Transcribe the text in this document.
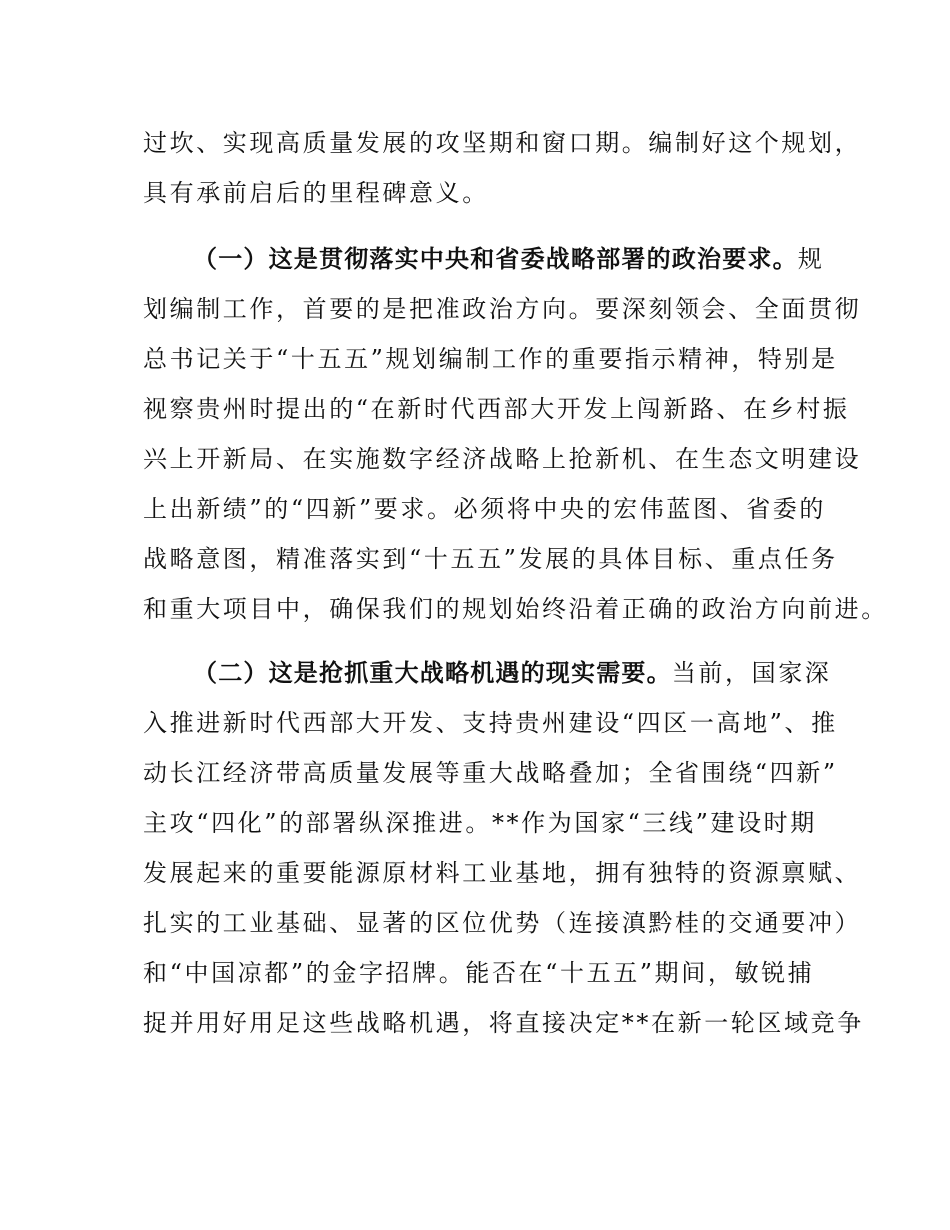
过坎、实现高质量发展的攻坚期和窗口期。编制好这个规划，
具有承前启后的里程碑意义。
（一）这是贯彻落实中央和省委战略部署的政治要求。规
划编制工作，首要的是把准政治方向。要深刻领会、全面贯彻
总书记关于“十五五”规划编制工作的重要指示精神，特别是
视察贵州时提出的“在新时代西部大开发上闯新路、在乡村振
兴上开新局、在实施数字经济战略上抢新机、在生态文明建设
上出新绩”的“四新”要求。必须将中央的宏伟蓝图、省委的
战略意图，精准落实到“十五五”发展的具体目标、重点任务
和重大项目中，确保我们的规划始终沿着正确的政治方向前进。
（二）这是抢抓重大战略机遇的现实需要。当前，国家深
入推进新时代西部大开发、支持贵州建设“四区一高地”、推
动长江经济带高质量发展等重大战略叠加；全省围绕“四新”
主攻“四化”的部署纵深推进。**作为国家“三线”建设时期
发展起来的重要能源原材料工业基地，拥有独特的资源禀赋、
扎实的工业基础、显著的区位优势（连接滇黔桂的交通要冲）
和“中国凉都”的金字招牌。能否在“十五五”期间，敏锐捕
捉并用好用足这些战略机遇，将直接决定**在新一轮区域竞争
